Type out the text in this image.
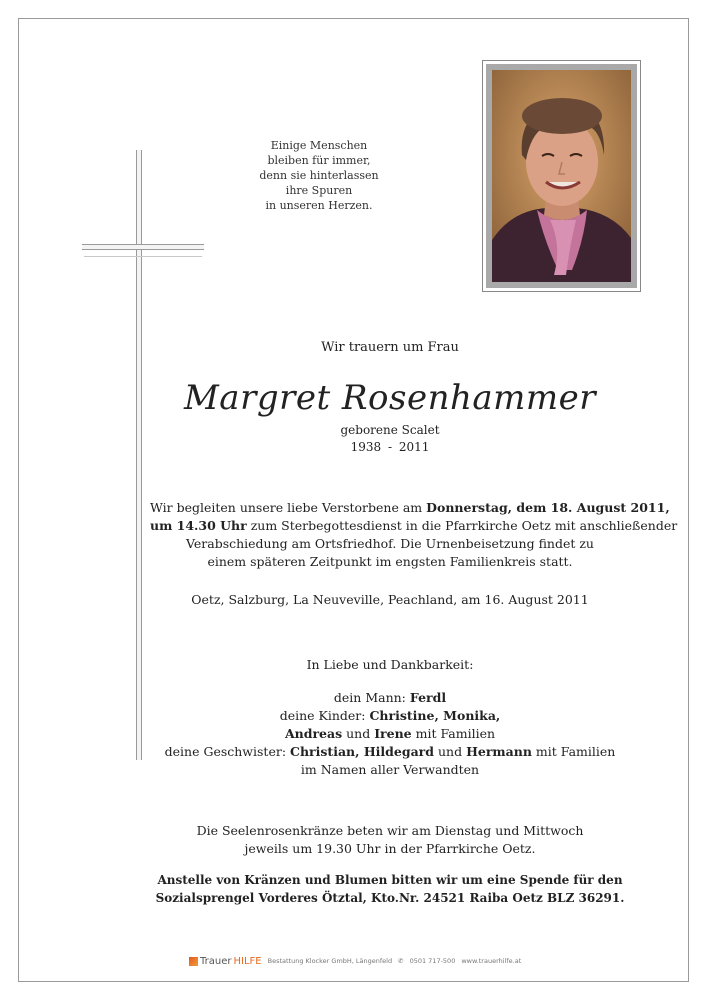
Einige Menschen
bleiben für immer,
denn sie hinterlassen
ihre Spuren
in unseren Herzen.
Wir trauern um Frau
Margret Rosenhammer
geborene Scalet
1938 - 2011
Wir begleiten unsere liebe Verstorbene am Donnerstag, dem 18. August 2011,
um 14.30 Uhr zum Sterbegottesdienst in die Pfarrkirche Oetz mit anschließender
Verabschiedung am Ortsfriedhof. Die Urnenbeisetzung findet zu
einem späteren Zeitpunkt im engsten Familienkreis statt.
Oetz, Salzburg, La Neuveville, Peachland, am 16. August 2011
In Liebe und Dankbarkeit:
dein Mann: Ferdl
deine Kinder: Christine, Monika,
Andreas und Irene mit Familien
deine Geschwister: Christian, Hildegard und Hermann mit Familien
im Namen aller Verwandten
Die Seelenrosenkränze beten wir am Dienstag und Mittwoch
jeweils um 19.30 Uhr in der Pfarrkirche Oetz.
Anstelle von Kränzen und Blumen bitten wir um eine Spende für den
Sozialsprengel Vorderes Ötztal, Kto.Nr. 24521 Raiba Oetz BLZ 36291.
Trauer HILFE Bestattung Klocker GmbH, Längenfeld ✆ 0501 717-500 www.trauerhilfe.at
